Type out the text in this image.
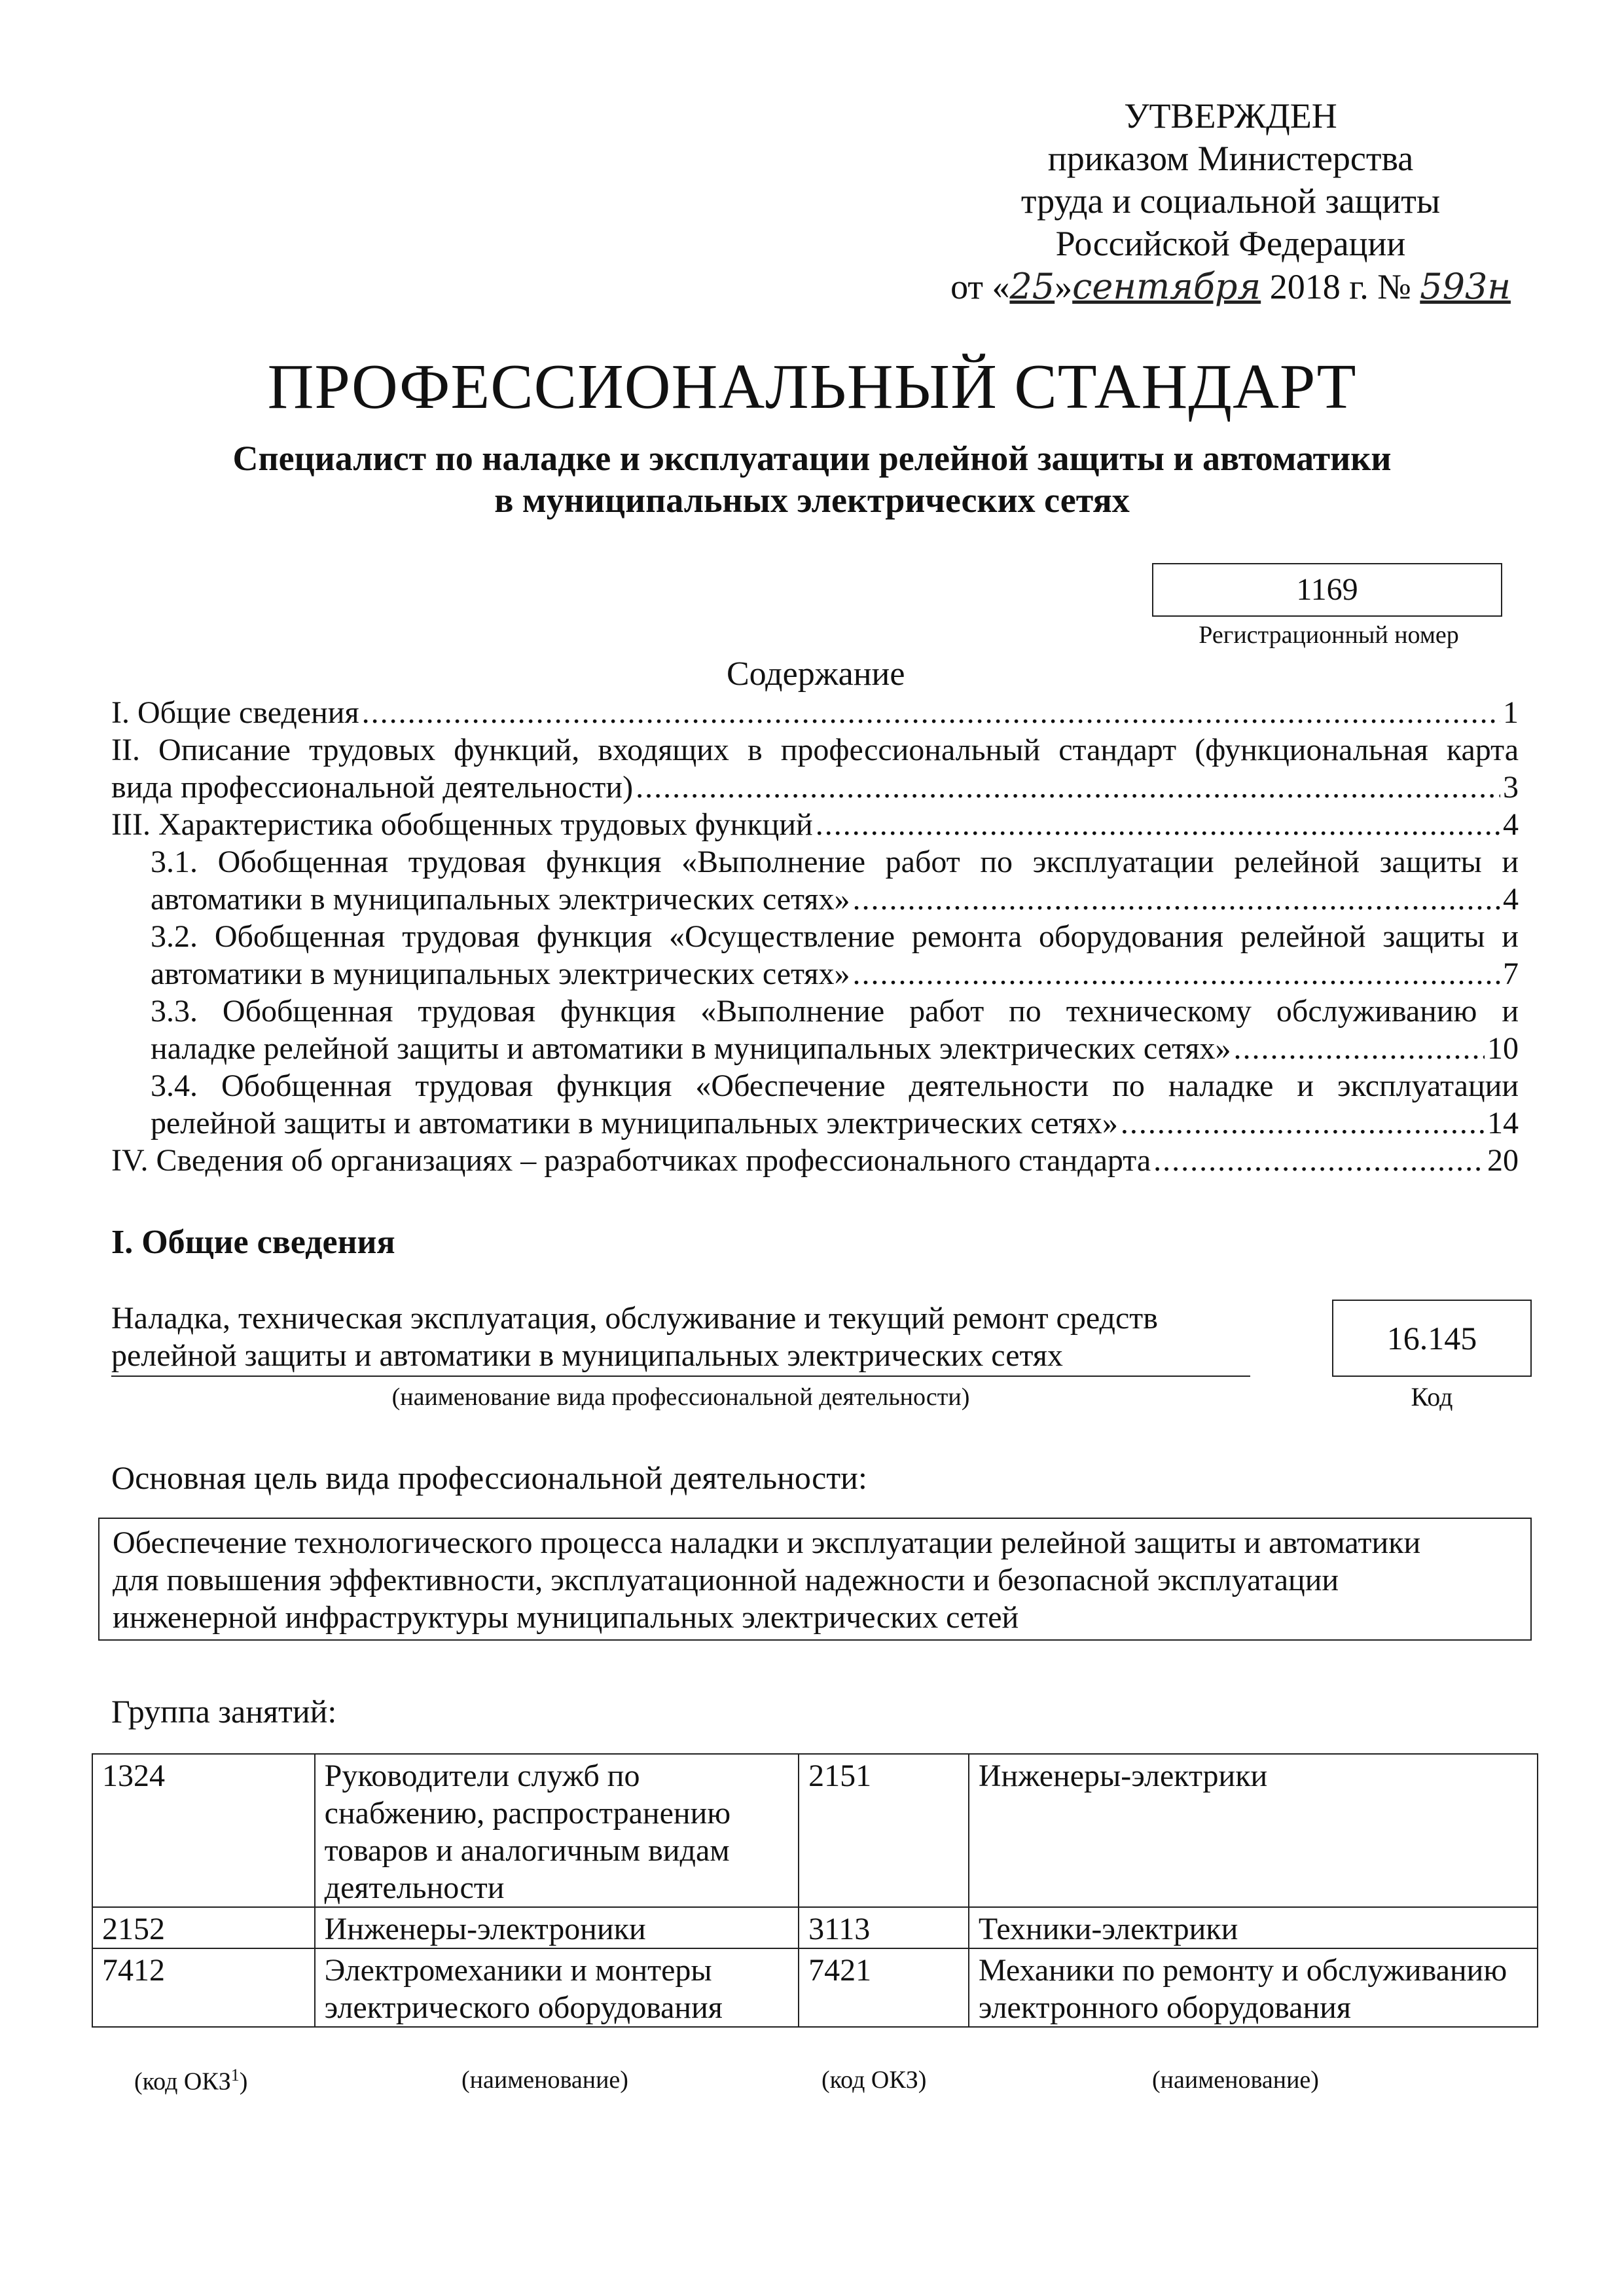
УТВЕРЖДЕН
приказом Министерства
труда и социальной защиты
Российской Федерации
от «25»сентября 2018 г. № 593н
ПРОФЕССИОНАЛЬНЫЙ СТАНДАРТ
Специалист по наладке и эксплуатации релейной защиты и автоматики
в муниципальных электрических сетях
1169
Регистрационный номер
Содержание
I. Общие сведения .....	1
II. Описание трудовых функций, входящих в профессиональный стандарт (функциональная карта
вида профессиональной деятельности) .....	3
III. Характеристика обобщенных трудовых функций .....	4
3.1. Обобщенная трудовая функция «Выполнение работ по эксплуатации релейной защиты и
автоматики в муниципальных электрических сетях» .....	4
3.2. Обобщенная трудовая функция «Осуществление ремонта оборудования релейной защиты и
автоматики в муниципальных электрических сетях» .....	7
3.3. Обобщенная трудовая функция «Выполнение работ по техническому обслуживанию и
наладке релейной защиты и автоматики в муниципальных электрических сетях» .....	10
3.4. Обобщенная трудовая функция «Обеспечение деятельности по наладке и эксплуатации
релейной защиты и автоматики в муниципальных электрических сетях» .....	14
IV. Сведения об организациях – разработчиках профессионального стандарта .....	20
I. Общие сведения
Наладка, техническая эксплуатация, обслуживание и текущий ремонт средств
релейной защиты и автоматики в муниципальных электрических сетях
(наименование вида профессиональной деятельности)
16.145
Код
Основная цель вида профессиональной деятельности:
Обеспечение технологического процесса наладки и эксплуатации релейной защиты и автоматики
для повышения эффективности, эксплуатационной надежности и безопасной эксплуатации
инженерной инфраструктуры муниципальных электрических сетей
Группа занятий:
1324	Руководители служб по снабжению, распространению товаров и аналогичным видам деятельности	2151	Инженеры-электрики
2152	Инженеры-электроники	3113	Техники-электрики
7412	Электромеханики и монтеры электрического оборудования	7421	Механики по ремонту и обслуживанию электронного оборудования
(код ОКЗ$^1$)	(наименование)	(код ОКЗ)	(наименование)
